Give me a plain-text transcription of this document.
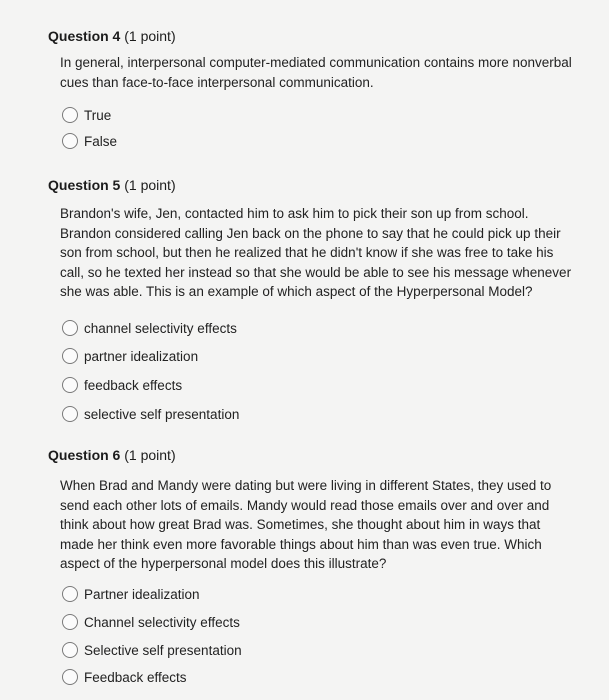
Question 4 (1 point)
In general, interpersonal computer-mediated communication contains more nonverbal
cues than face-to-face interpersonal communication.
True
False
Question 5 (1 point)
Brandon's wife, Jen, contacted him to ask him to pick their son up from school.
Brandon considered calling Jen back on the phone to say that he could pick up their
son from school, but then he realized that he didn't know if she was free to take his
call, so he texted her instead so that she would be able to see his message whenever
she was able. This is an example of which aspect of the Hyperpersonal Model?
channel selectivity effects
partner idealization
feedback effects
selective self presentation
Question 6 (1 point)
When Brad and Mandy were dating but were living in different States, they used to
send each other lots of emails. Mandy would read those emails over and over and
think about how great Brad was. Sometimes, she thought about him in ways that
made her think even more favorable things about him than was even true. Which
aspect of the hyperpersonal model does this illustrate?
Partner idealization
Channel selectivity effects
Selective self presentation
Feedback effects
